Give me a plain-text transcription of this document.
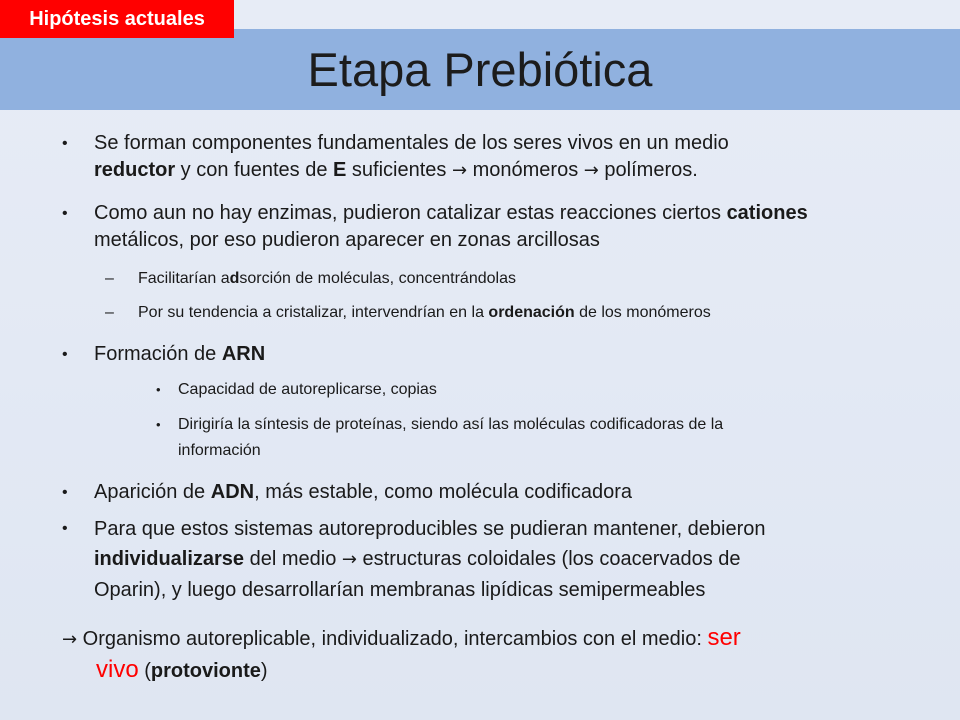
Hipótesis actuales
Etapa Prebiótica
• Se forman componentes fundamentales de los seres vivos en un medio
reductor y con fuentes de E suficientes → monómeros → polímeros.
• Como aun no hay enzimas, pudieron catalizar estas reacciones ciertos cationes
metálicos, por eso pudieron aparecer en zonas arcillosas
– Facilitarían adsorción de moléculas, concentrándolas
– Por su tendencia a cristalizar, intervendrían en la ordenación de los monómeros
• Formación de ARN
• Capacidad de autoreplicarse, copias
• Dirigiría la síntesis de proteínas, siendo así las moléculas codificadoras de la
información
• Aparición de ADN, más estable, como molécula codificadora
• Para que estos sistemas autoreproducibles se pudieran mantener, debieron
individualizarse del medio → estructuras coloidales (los coacervados de
Oparin), y luego desarrollarían membranas lipídicas semipermeables
→ Organismo autoreplicable, individualizado, intercambios con el medio: ser
vivo (protovionte)
